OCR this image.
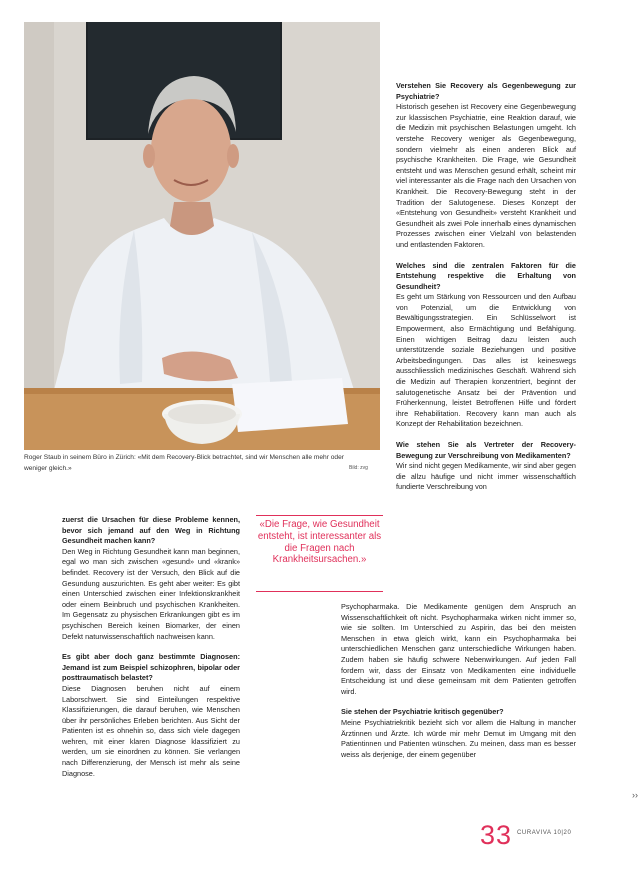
Roger Staub in seinem Büro in Zürich: «Mit dem Recovery-Blick betrachtet, sind wir Menschen alle mehr oder weniger gleich.»	Bild: zvg

Verstehen Sie Recovery als Gegenbewegung zur Psychiatrie?

Historisch gesehen ist Recovery eine Gegenbewegung zur klassischen Psychiatrie, eine Reaktion darauf, wie die Medizin mit psychischen Belastungen umgeht. Ich verstehe Recovery weniger als Gegenbewegung, sondern vielmehr als einen anderen Blick auf psychische Krankheiten. Die Frage, wie Gesundheit entsteht und was Menschen gesund erhält, scheint mir viel interessanter als die Frage nach den Ursachen von Krankheit. Die Recovery-Bewegung steht in der Tradition der Salutogenese. Dieses Konzept der «Entstehung von Gesundheit» versteht Krankheit und Gesundheit als zwei Pole innerhalb eines dynamischen Prozesses zwischen einer Vielzahl von belastenden und entlastenden Faktoren.

Welches sind die zentralen Faktoren für die Entstehung respektive die Erhaltung von Gesundheit?

Es geht um Stärkung von Ressourcen und den Aufbau von Potenzial, um die Entwicklung von Bewältigungsstrategien. Ein Schlüsselwort ist Empowerment, also Ermächtigung und Befähigung. Einen wichtigen Beitrag dazu leisten auch unterstützende soziale Beziehungen und positive Arbeitsbedingungen. Das alles ist keineswegs ausschliesslich medizinisches Geschäft. Während sich die Medizin auf Therapien konzentriert, beginnt der salutogenetische Ansatz bei der Prävention und Früherkennung, leistet Betroffenen Hilfe und fördert ihre Rehabilitation. Recovery kann man auch als Konzept der Rehabilitation bezeichnen.

Wie stehen Sie als Vertreter der Recovery-Bewegung zur Verschreibung von Medikamenten?

Wir sind nicht gegen Medikamente, wir sind aber gegen die allzu häufige und nicht immer wissenschaftlich fundierte Verschreibung von

zuerst die Ursachen für diese Probleme kennen, bevor sich jemand auf den Weg in Richtung Gesundheit machen kann?

Den Weg in Richtung Gesundheit kann man beginnen, egal wo man sich zwischen «gesund» und «krank» befindet. Recovery ist der Versuch, den Blick auf die Gesundung auszurichten. Es geht aber weiter: Es gibt einen Unterschied zwischen einer Infektionskrankheit oder einem Beinbruch und psychischen Krankheiten. Im Gegensatz zu physischen Erkrankungen gibt es im psychischen Bereich keinen Biomarker, der einen Defekt naturwissenschaftlich nachweisen kann.

Es gibt aber doch ganz bestimmte Diagnosen: Jemand ist zum Beispiel schizophren, bipolar oder posttraumatisch belastet?

Diese Diagnosen beruhen nicht auf einem Laborschwert. Sie sind Einteilungen respektive Klassifizierungen, die darauf beruhen, wie Menschen über ihr persönliches Erleben berichten. Aus Sicht der Patienten ist es ohnehin so, dass sich viele dagegen wehren, mit einer klaren Diagnose klassifiziert zu werden, um sie einordnen zu können. Sie verlangen nach Differenzierung, der Mensch ist mehr als seine Diagnose.

«Die Frage, wie Gesundheit entsteht, ist interessanter als die Fragen nach Krankheitsursachen.»

Psychopharmaka. Die Medikamente genügen dem Anspruch an Wissenschaftlichkeit oft nicht. Psychopharmaka wirken nicht immer so, wie sie sollten. Im Unterschied zu Aspirin, das bei den meisten Menschen in etwa gleich wirkt, kann ein Psychopharmaka bei unterschiedlichen Menschen ganz unterschiedliche Wirkungen haben. Zudem haben sie häufig schwere Nebenwirkungen. Auf jeden Fall fordern wir, dass der Einsatz von Medikamenten eine individuelle Entscheidung ist und diese gemeinsam mit dem Patienten getroffen wird.

Sie stehen der Psychiatrie kritisch gegenüber?

Meine Psychiatriekritik bezieht sich vor allem die Haltung in mancher Ärztinnen und Ärzte. Ich würde mir mehr Demut im Umgang mit den Patientinnen und Patienten wünschen. Zu meinen, dass man es besser weiss als derjenige, der einem gegenüber

››
33 CURAVIVA 10|20
